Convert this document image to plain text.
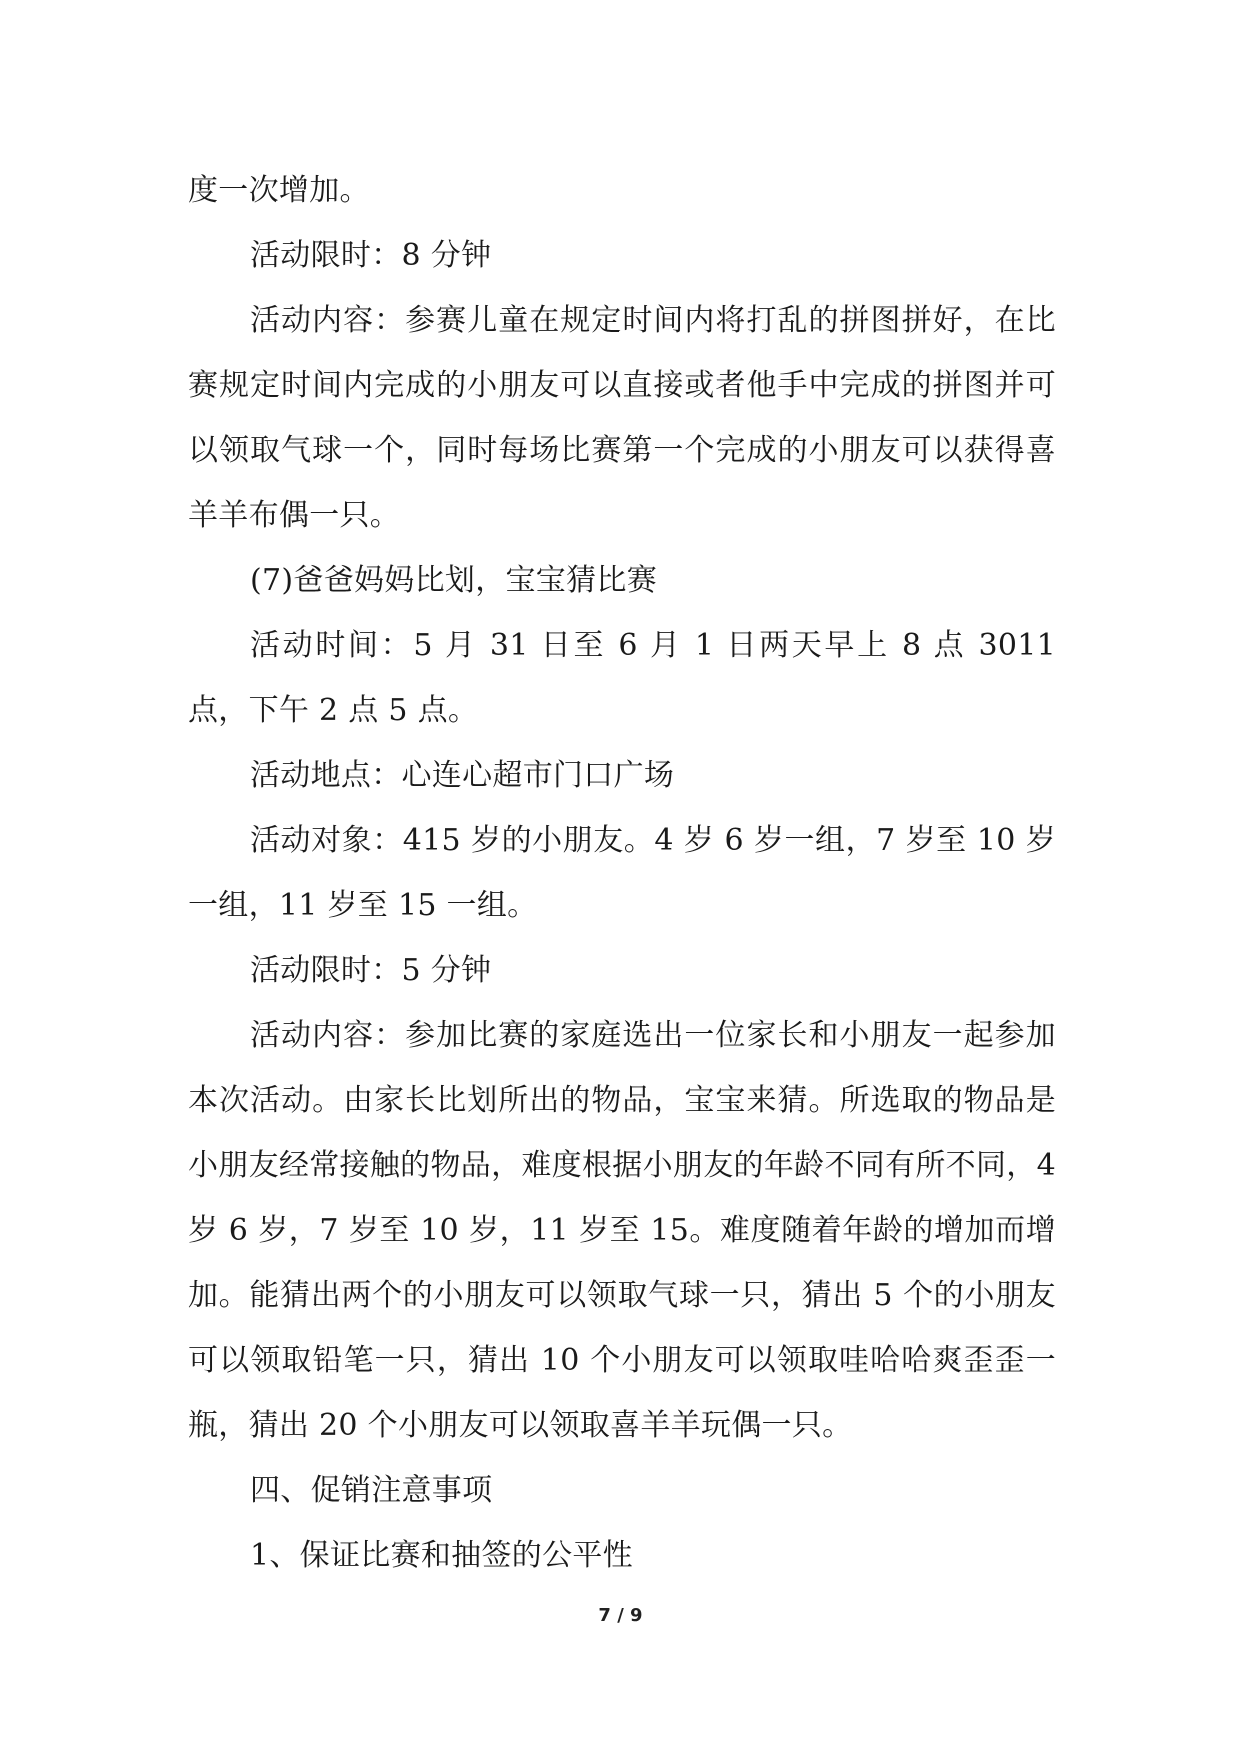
度一次增加。

活动限时：8 分钟

活动内容：参赛儿童在规定时间内将打乱的拼图拼好，在比赛规定时间内完成的小朋友可以直接或者他手中完成的拼图并可以领取气球一个，同时每场比赛第一个完成的小朋友可以获得喜羊羊布偶一只。

(7)爸爸妈妈比划，宝宝猜比赛

活动时间：5 月 31 日至 6 月 1 日两天早上 8 点 3011 点，下午 2 点 5 点。

活动地点：心连心超市门口广场

活动对象：415 岁的小朋友。4 岁 6 岁一组，7 岁至 10 岁一组，11 岁至 15 一组。

活动限时：5 分钟

活动内容：参加比赛的家庭选出一位家长和小朋友一起参加本次活动。由家长比划所出的物品，宝宝来猜。所选取的物品是小朋友经常接触的物品，难度根据小朋友的年龄不同有所不同，4 岁 6 岁，7 岁至 10 岁，11 岁至 15。难度随着年龄的增加而增加。能猜出两个的小朋友可以领取气球一只，猜出 5 个的小朋友可以领取铅笔一只，猜出 10 个小朋友可以领取哇哈哈爽歪歪一瓶，猜出 20 个小朋友可以领取喜羊羊玩偶一只。

四、促销注意事项

1、保证比赛和抽签的公平性

7 / 9
